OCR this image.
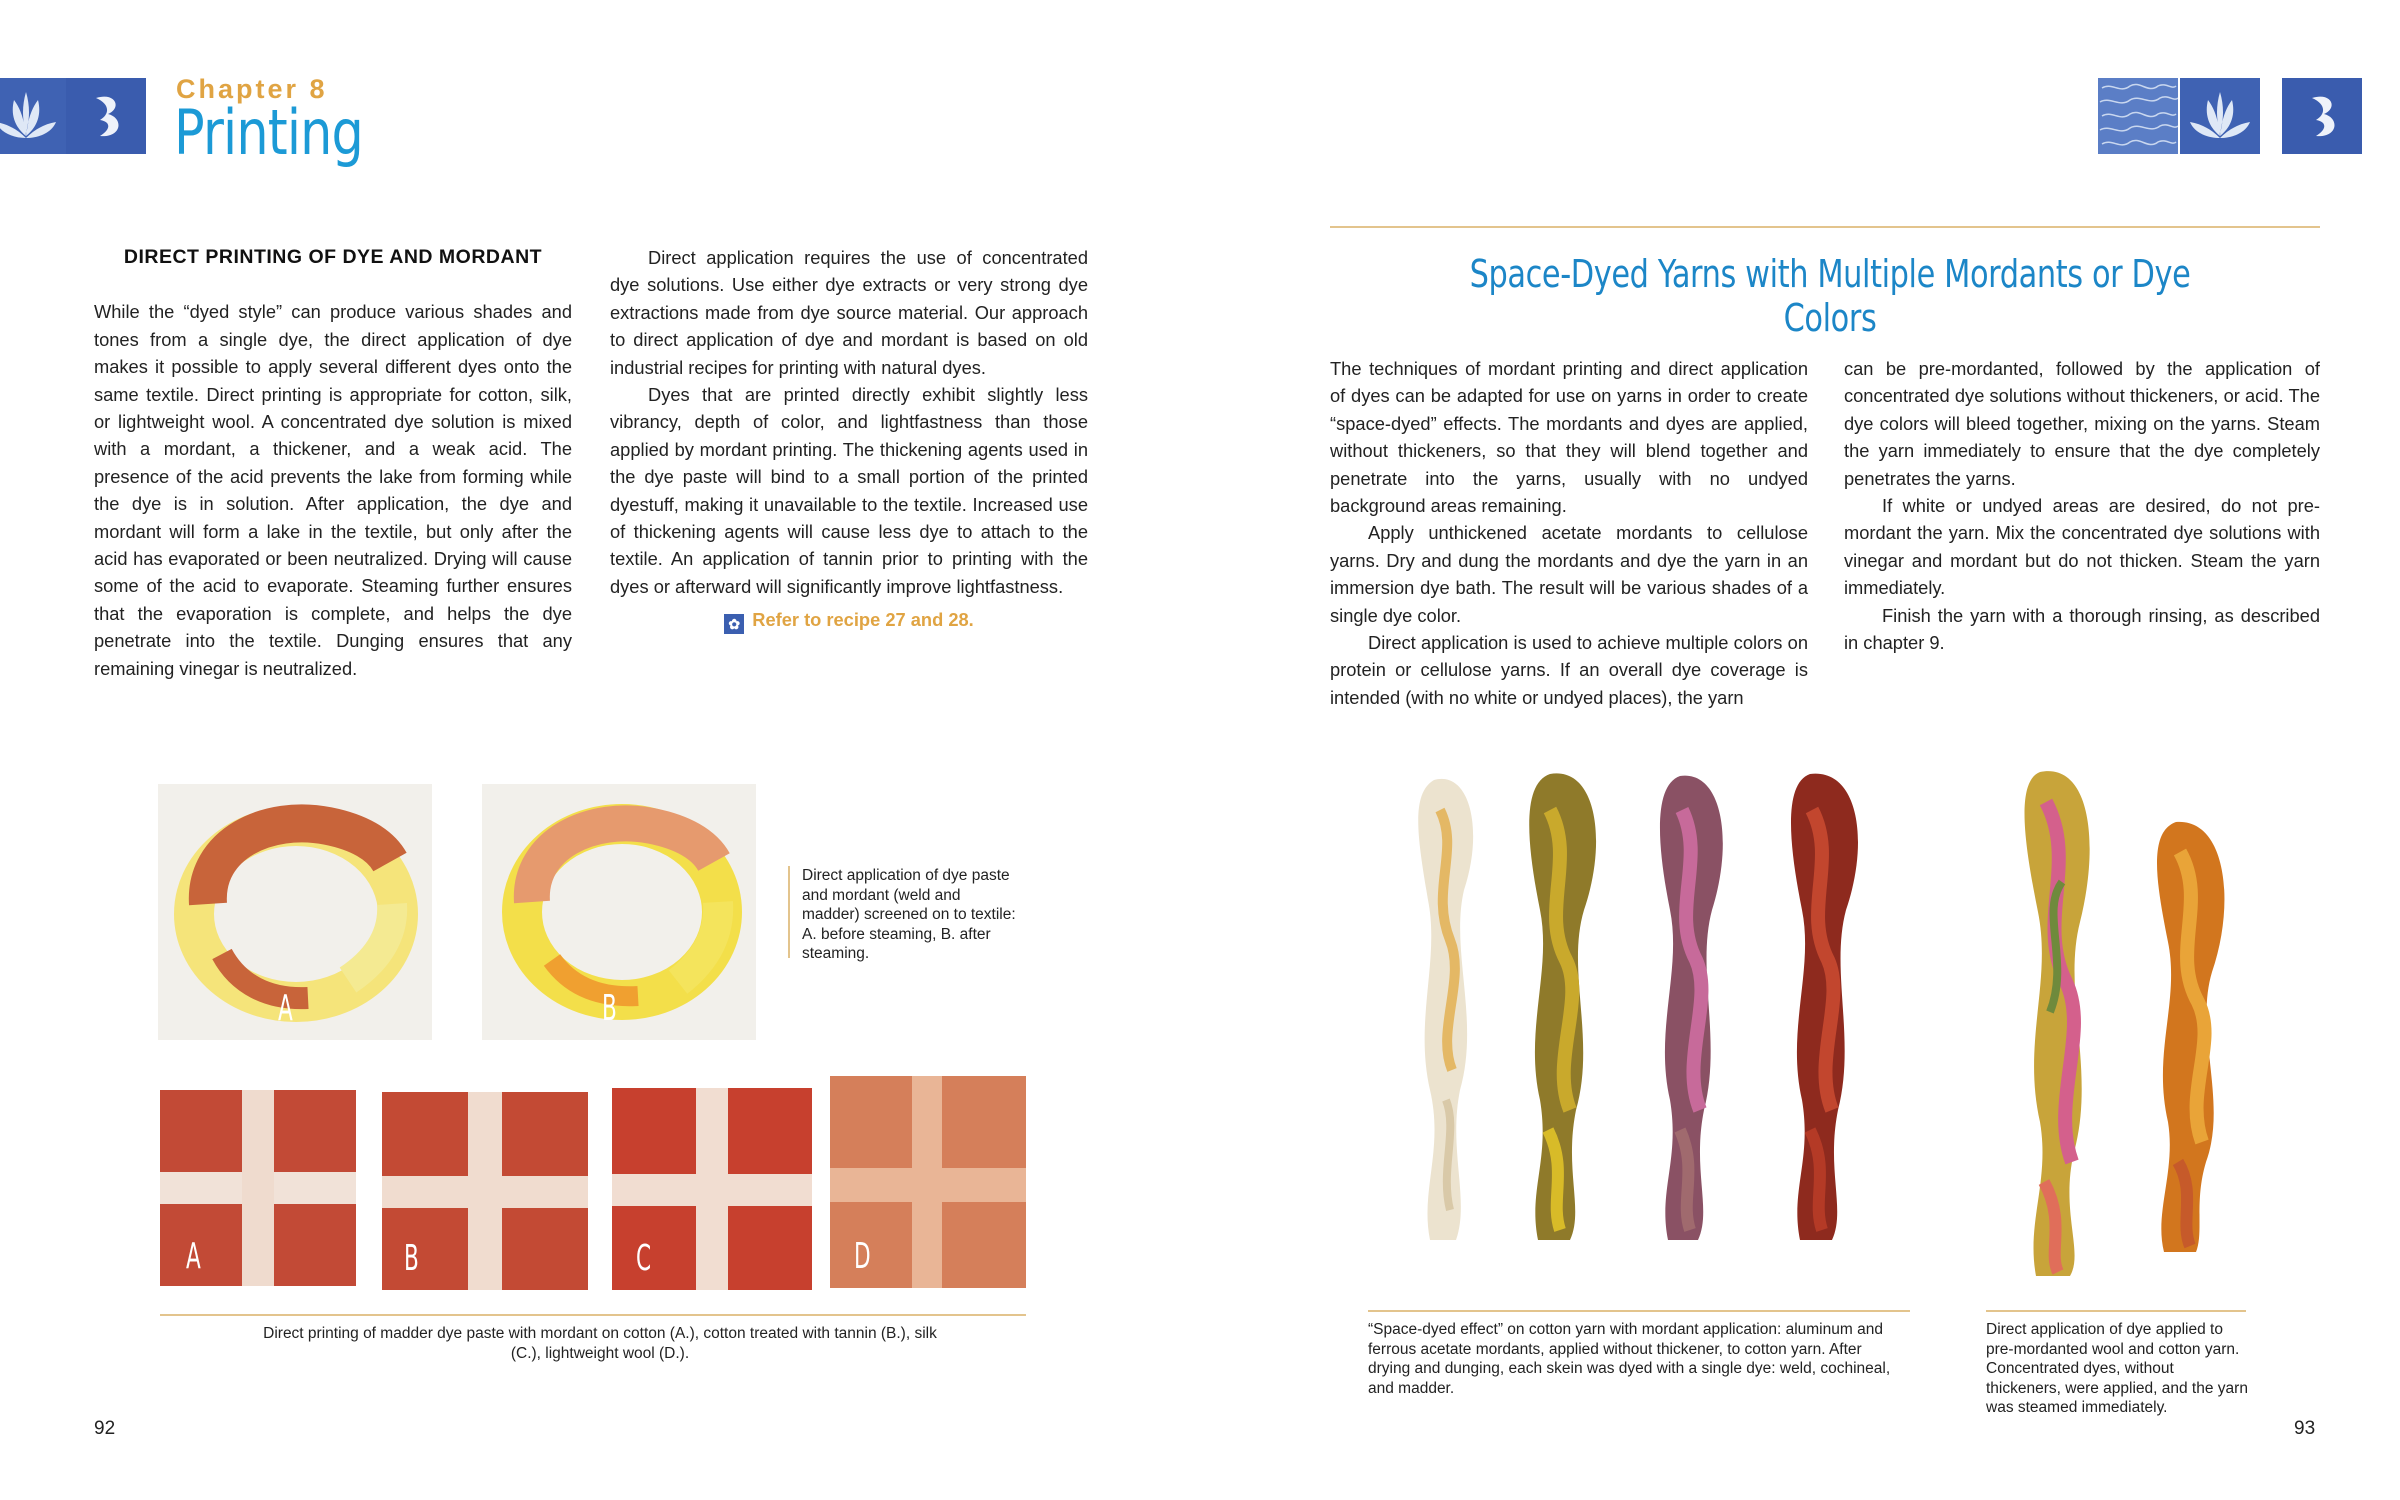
Chapter 8
Printing

DIRECT PRINTING OF DYE AND MORDANT

While the “dyed style” can produce various shades and tones from a single dye, the direct application of dye makes it possible to apply several different dyes onto the same textile. Direct printing is appropriate for cotton, silk, or lightweight wool. A concentrated dye solution is mixed with a mordant, a thickener, and a weak acid. The presence of the acid prevents the lake from forming while the dye is in solution. After application, the dye and mordant will form a lake in the textile, but only after the acid has evaporated or been neutralized. Drying will cause some of the acid to evaporate. Steaming further ensures that the evaporation is complete, and helps the dye penetrate into the textile. Dunging ensures that any remaining vinegar is neutralized.

Direct application requires the use of concentrated dye solutions. Use either dye extracts or very strong dye extractions made from dye source material. Our approach to direct application of dye and mordant is based on old industrial recipes for printing with natural dyes.

Dyes that are printed directly exhibit slightly less vibrancy, depth of color, and lightfastness than those applied by mordant printing. The thickening agents used in the dye paste will bind to a small portion of the printed dyestuff, making it unavailable to the textile. Increased use of thickening agents will cause less dye to attach to the textile. An application of tannin prior to printing with the dyes or afterward will significantly improve lightfastness.

✿ Refer to recipe 27 and 28.
A	B
Direct application of dye paste and mordant (weld and madder) screened on to textile: A. before steaming, B. after steaming.
A	B	C	D
Direct printing of madder dye paste with mordant on cotton (A.), cotton treated with tannin (B.), silk (C.), lightweight wool (D.).
92
Space-Dyed Yarns with Multiple Mordants or Dye Colors

The techniques of mordant printing and direct application of dyes can be adapted for use on yarns in order to create “space-dyed” effects. The mordants and dyes are applied, without thickeners, so that they will blend together and penetrate into the yarns, usually with no undyed background areas remaining.

Apply unthickened acetate mordants to cellulose yarns. Dry and dung the mordants and dye the yarn in an immersion dye bath. The result will be various shades of a single dye color.

Direct application is used to achieve multiple colors on protein or cellulose yarns. If an overall dye coverage is intended (with no white or undyed places), the yarn

can be pre-mordanted, followed by the application of concentrated dye solutions without thickeners, or acid. The dye colors will bleed together, mixing on the yarns. Steam the yarn immediately to ensure that the dye completely penetrates the yarns.

If white or undyed areas are desired, do not pre-mordant the yarn. Mix the concentrated dye solutions with vinegar and mordant but do not thicken. Steam the yarn immediately.

Finish the yarn with a thorough rinsing, as described in chapter 9.

“Space-dyed effect” on cotton yarn with mordant application: aluminum and ferrous acetate mordants, applied without thickener, to cotton yarn. After drying and dunging, each skein was dyed with a single dye: weld, cochineal, and madder.
Direct application of dye applied to pre-mordanted wool and cotton yarn. Concentrated dyes, without thickeners, were applied, and the yarn was steamed immediately.
93
